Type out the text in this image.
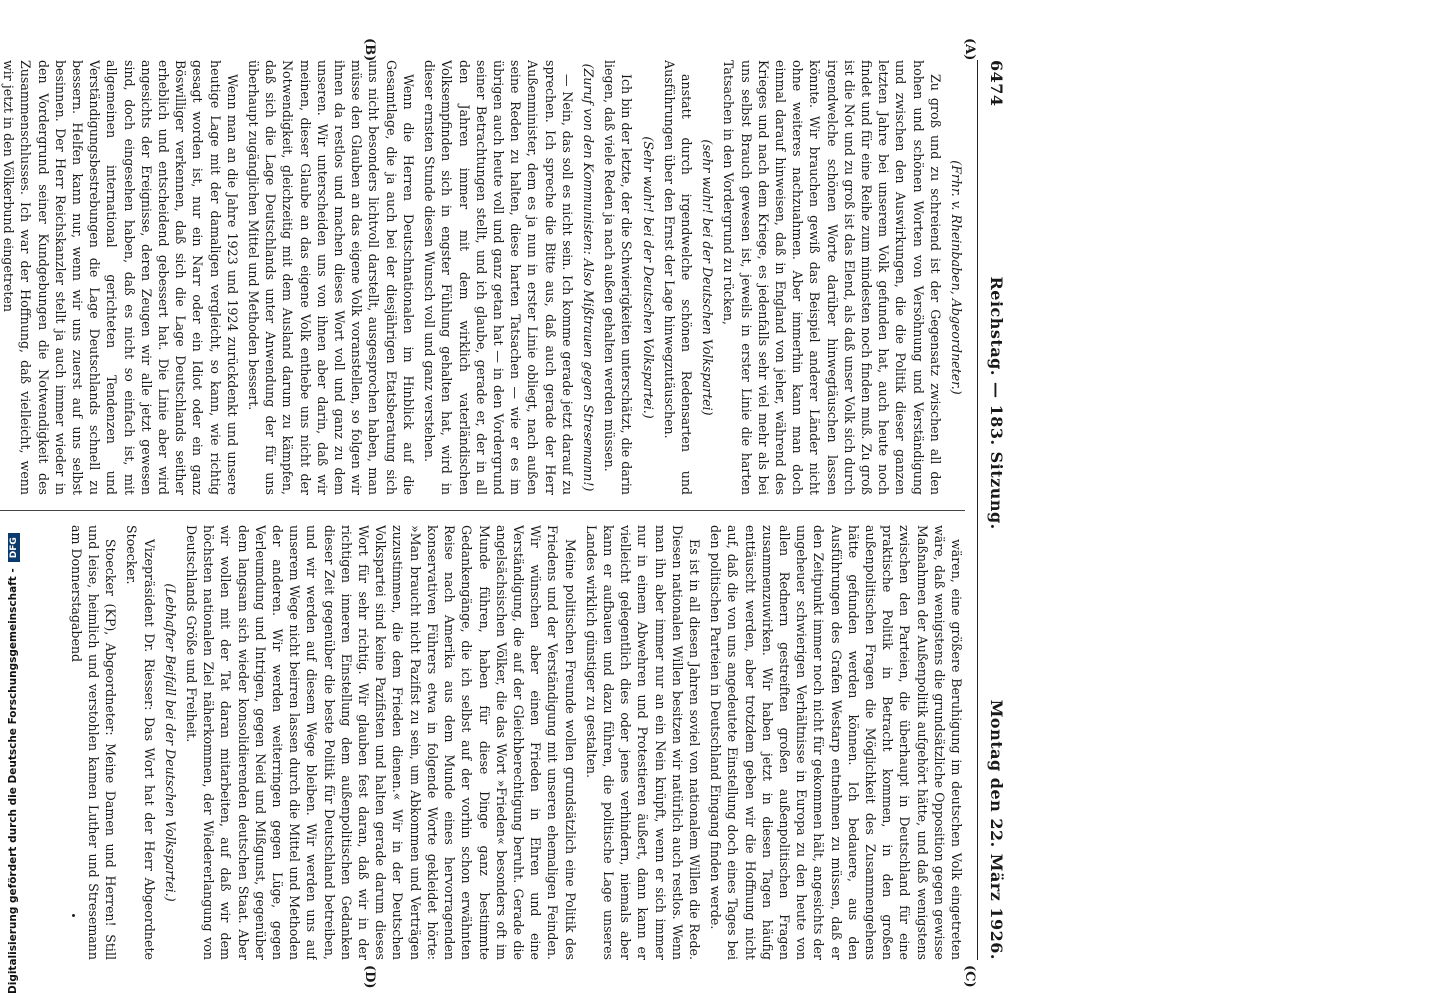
Digitalisierung gefördert durch die Deutsche Forschungsgemeinschaft -DFG
6474
Reichstag. — 183. Sitzung.
Montag den 22. März 1926.
(A)
(B)
(C)
(D)

(Frhr. v. Rheinbaben, Abgeordneter.)

Zu groß und zu schreiend ist der Gegensatz zwischen all den hohen und schönen Worten von Versöhnung und Verständigung und zwischen den Auswirkungen, die die Politik dieser ganzen letzten Jahre bei unserem Volk gefunden hat, auch heute noch findet und für eine Reihe zum mindesten noch finden muß. Zu groß ist die Not und zu groß ist das Elend, als daß unser Volk sich durch irgendwelche schönen Worte darüber hinwegtäuschen lassen könnte. Wir brauchen gewiß das Beispiel anderer Länder nicht ohne weiteres nachzuahmen. Aber immerhin kann man doch einmal darauf hinweisen, daß in England von jeher, während des Krieges und nach dem Kriege, es jedenfalls sehr viel mehr als bei uns selbst Brauch gewesen ist, jeweils in erster Linie die harten Tatsachen in den Vordergrund zu rücken,

(sehr wahr! bei der Deutschen Volkspartei)

anstatt durch irgendwelche schönen Redensarten und Ausführungen über den Ernst der Lage hinwegzutäuschen.

(Sehr wahr! bei der Deutschen Volkspartei.)

Ich bin der letzte, der die Schwierigkeiten unterschätzt, die darin liegen, daß viele Reden ja nach außen gehalten werden müssen.

(Zuruf von den Kommunisten: Also Mißtrauen gegen Stresemann!)

— Nein, das soll es nicht sein. Ich komme gerade jetzt darauf zu sprechen. Ich spreche die Bitte aus, daß auch gerade der Herr Außenminister, dem es ja nun in erster Linie obliegt, nach außen seine Reden zu halten, diese harten Tatsachen — wie er es im übrigen auch heute voll und ganz getan hat — in den Vordergrund seiner Betrachtungen stellt, und ich glaube, gerade er, der in all den Jahren immer mit dem wirklich vaterländischen Volksempfinden sich in engster Fühlung gehalten hat, wird in dieser ernsten Stunde diesen Wunsch voll und ganz verstehen.

Wenn die Herren Deutschnationalen im Hinblick auf die Gesamtlage, die ja auch bei der diesjährigen Etatsberatung sich uns nicht besonders lichtvoll darstellt, ausgesprochen haben, man müsse den Glauben an das eigene Volk voranstellen, so folgen wir ihnen da restlos und machen dieses Wort voll und ganz zu dem unseren. Wir unterscheiden uns von ihnen aber darin, daß wir meinen, dieser Glaube an das eigene Volk enthebe uns nicht der Notwendigkeit, gleichzeitig mit dem Ausland darum zu kämpfen, daß sich die Lage Deutschlands unter Anwendung der für uns überhaupt zugänglichen Mittel und Methoden bessert.

Wenn man an die Jahre 1923 und 1924 zurückdenkt und unsere heutige Lage mit der damaligen vergleicht, so kann, wie richtig gesagt worden ist, nur ein Narr oder ein Idiot oder ein ganz Böswilliger verkennen, daß sich die Lage Deutschlands seither erheblich und entscheidend gebessert hat. Die Linie aber wird angesichts der Ereignisse, deren Zeugen wir alle jetzt gewesen sind, doch eingesehen haben, daß es nicht so einfach ist, mit allgemeinen international gerichteten Tendenzen und Verständigungsbestrebungen die Lage Deutschlands schnell zu bessern. Helfen kann nur, wenn wir uns zuerst auf uns selbst besinnen. Der Herr Reichskanzler stellt ja auch immer wieder in den Vordergrund seiner Kundgebungen die Notwendigkeit des Zusammenschlusses. Ich war der Hoffnung, daß vielleicht, wenn wir jetzt in den Völkerbund eingetreten

wären, eine größere Beruhigung im deutschen Volk eingetreten wäre, daß wenigstens die grundsätzliche Opposition gegen gewisse Maßnahmen der Außenpolitik aufgehört hätte, und daß wenigstens zwischen den Parteien, die überhaupt in Deutschland für eine praktische Politik in Betracht kommen, in den großen außenpolitischen Fragen die Möglichkeit des Zusammengehens hätte gefunden werden können. Ich bedauere, aus den Ausführungen des Grafen Westarp entnehmen zu müssen, daß er den Zeitpunkt immer noch nicht für gekommen hält, angesichts der ungeheuer schwierigen Verhältnisse in Europa zu den heute von allen Rednern gestreiften großen außenpolitischen Fragen zusammenzuwirken. Wir haben jetzt in diesen Tagen häufig enttäuscht werden, aber trotzdem geben wir die Hoffnung nicht auf, daß die von uns angedeutete Einstellung doch eines Tages bei den politischen Parteien in Deutschland Eingang finden werde.

Es ist in all diesen Jahren soviel von nationalem Willen die Rede. Diesen nationalen Willen besitzen wir natürlich auch restlos. Wenn man ihn aber immer nur an ein Nein knüpft, wenn er sich immer nur in einem Abwehren und Protestieren äußert, dann kann er vielleicht gelegentlich dies oder jenes verhindern, niemals aber kann er aufbauen und dazu führen, die politische Lage unseres Landes wirklich günstiger zu gestalten.

Meine politischen Freunde wollen grundsätzlich eine Politik des Friedens und der Verständigung mit unseren ehemaligen Feinden. Wir wünschen aber einen Frieden in Ehren und eine Verständigung, die auf der Gleichberechtigung beruht. Gerade die angelsächsischen Völker, die das Wort »Frieden« besonders oft im Munde führen, haben für diese Dinge ganz bestimmte Gedankengänge, die ich selbst auf der vorhin schon erwähnten Reise nach Amerika aus dem Munde eines hervorragenden konservativen Führers etwa in folgende Worte gekleidet hörte: »Man braucht nicht Pazifist zu sein, um Abkommen und Verträgen zuzustimmen, die dem Frieden dienen.« Wir in der Deutschen Volkspartei sind keine Pazifisten und halten gerade darum dieses Wort für sehr richtig. Wir glauben fest daran, daß wir in der richtigen inneren Einstellung dem außenpolitischen Gedanken dieser Zeit gegenüber die beste Politik für Deutschland betreiben, und wir werden auf diesem Wege bleiben. Wir werden uns auf unserem Wege nicht beirren lassen durch die Mittel und Methoden der anderen. Wir werden weiterringen gegen Lüge, gegen Verleumdung und Intrigen, gegen Neid und Mißgunst, gegenüber dem langsam sich wieder konsolidierenden deutschen Staat. Aber wir wollen mit der Tat daran mitarbeiten, auf daß wir dem höchsten nationalen Ziel näherkommen, der Wiedererlangung von Deutschlands Größe und Freiheit.

(Lebhafter Beifall bei der Deutschen Volkspartei.)

Vizepräsident Dr. Riesser: Das Wort hat der Herr Abgeordnete Stoecker.

Stoecker (KP), Abgeordneter: Meine Damen und Herren! Still und leise, heimlich und verstohlen kamen Luther und Stresemann am Donnerstagabend
